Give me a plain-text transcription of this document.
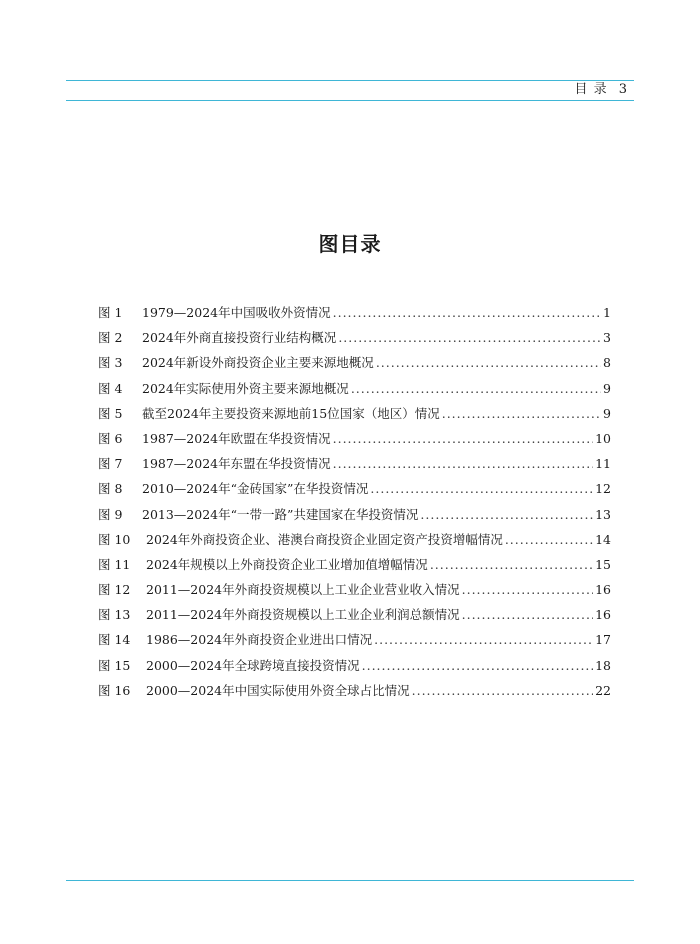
目 录 3
图目录
图 1	1979—2024年中国吸收外资情况 .....	1
图 2	2024年外商直接投资行业结构概况 .....	3
图 3	2024年新设外商投资企业主要来源地概况 .....	8
图 4	2024年实际使用外资主要来源地概况 .....	9
图 5	截至2024年主要投资来源地前15位国家（地区）情况 .....	9
图 6	1987—2024年欧盟在华投资情况 .....	10
图 7	1987—2024年东盟在华投资情况 .....	11
图 8	2010—2024年“金砖国家”在华投资情况 .....	12
图 9	2013—2024年“一带一路”共建国家在华投资情况 .....	13
图 10	2024年外商投资企业、港澳台商投资企业固定资产投资增幅情况 .....	14
图 11	2024年规模以上外商投资企业工业增加值增幅情况 .....	15
图 12	2011—2024年外商投资规模以上工业企业营业收入情况 .....	16
图 13	2011—2024年外商投资规模以上工业企业利润总额情况 .....	16
图 14	1986—2024年外商投资企业进出口情况 .....	17
图 15	2000—2024年全球跨境直接投资情况 .....	18
图 16	2000—2024年中国实际使用外资全球占比情况 .....	22
